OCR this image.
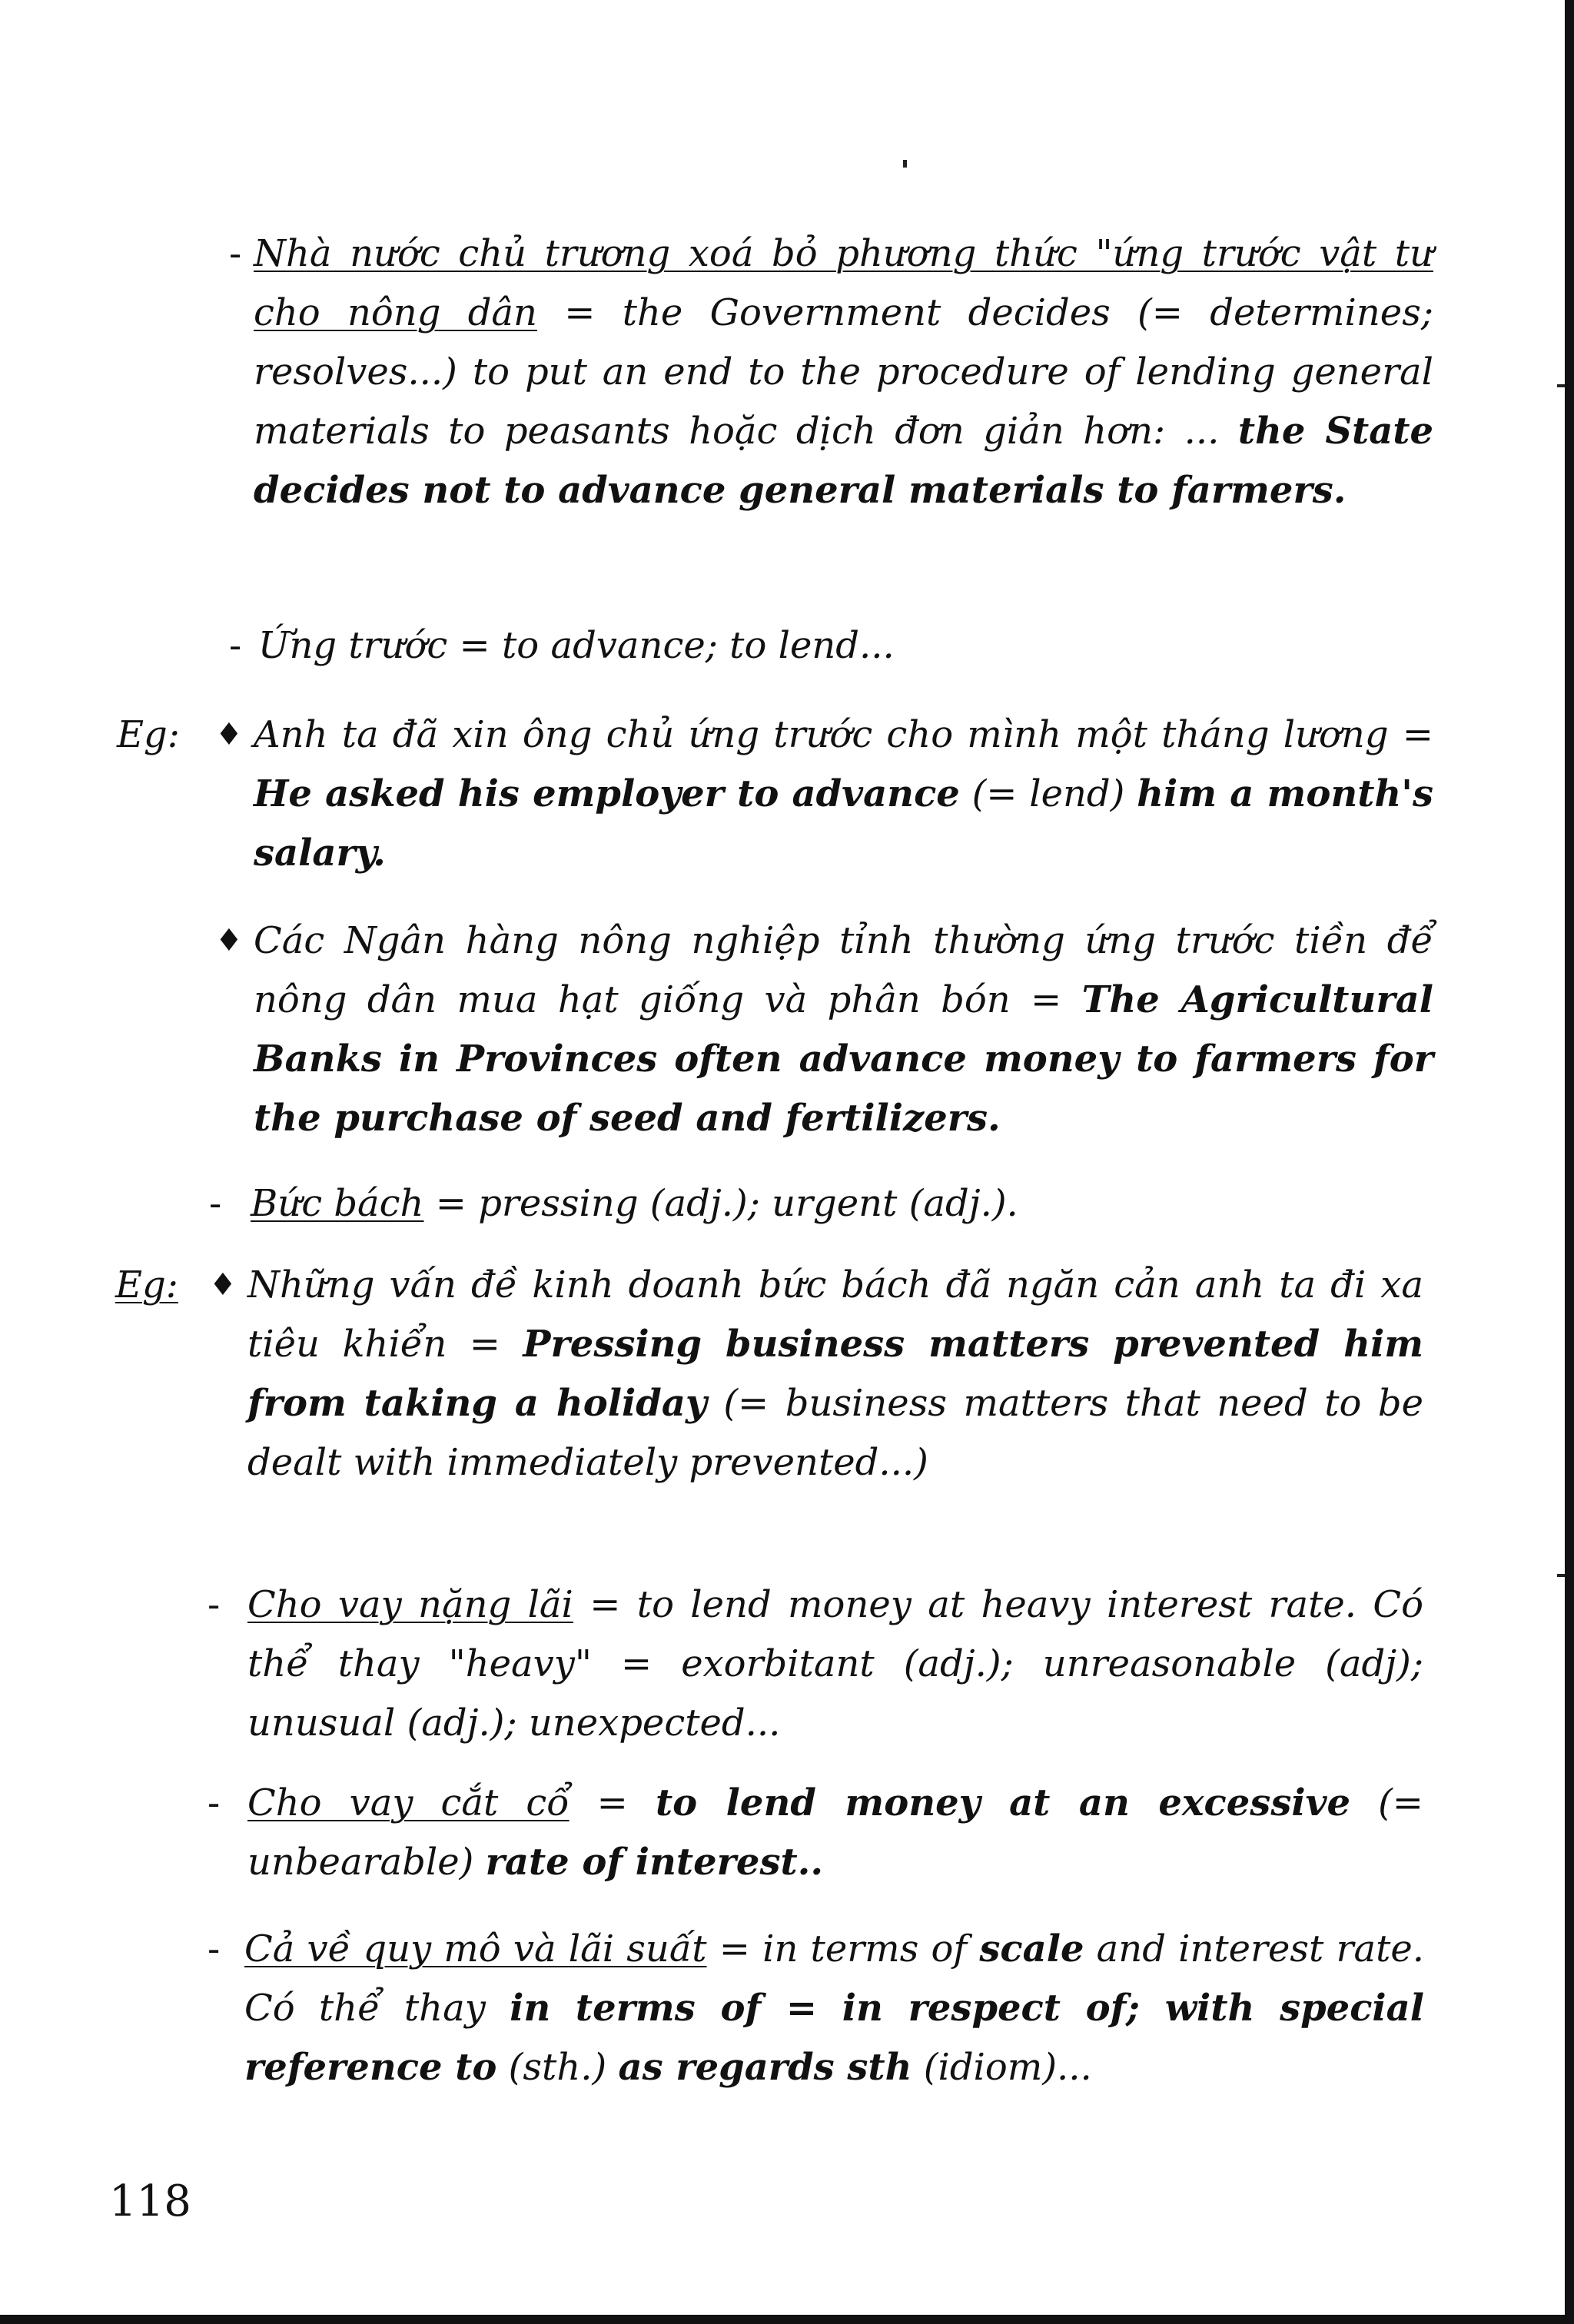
- Nhà nước chủ trương xoá bỏ phương thức "ứng trước vật tư cho nông dân = the Government decides (= determines; resolves...) to put an end to the procedure of lending general materials to peasants hoặc dịch đơn giản hơn: ... the State decides not to advance general materials to farmers.
- Ứng trước = to advance; to lend...
Eg: ♦ Anh ta đã xin ông chủ ứng trước cho mình một tháng lương = He asked his employer to advance (= lend) him a month's salary.
♦ Các Ngân hàng nông nghiệp tỉnh thường ứng trước tiền để nông dân mua hạt giống và phân bón = The Agricultural Banks in Provinces often advance money to farmers for the purchase of seed and fertilizers.
- Bức bách = pressing (adj.); urgent (adj.).
Eg: ♦ Những vấn đề kinh doanh bức bách đã ngăn cản anh ta đi xa tiêu khiển = Pressing business matters prevented him from taking a holiday (= business matters that need to be dealt with immediately prevented...)
- Cho vay nặng lãi = to lend money at heavy interest rate. Có thể thay "heavy" = exorbitant (adj.); unreasonable (adj); unusual (adj.); unexpected...
- Cho vay cắt cổ = to lend money at an excessive (= unbearable) rate of interest..
- Cả về quy mô và lãi suất = in terms of scale and interest rate. Có thể thay in terms of = in respect of; with special reference to (sth.) as regards sth (idiom)...
118
